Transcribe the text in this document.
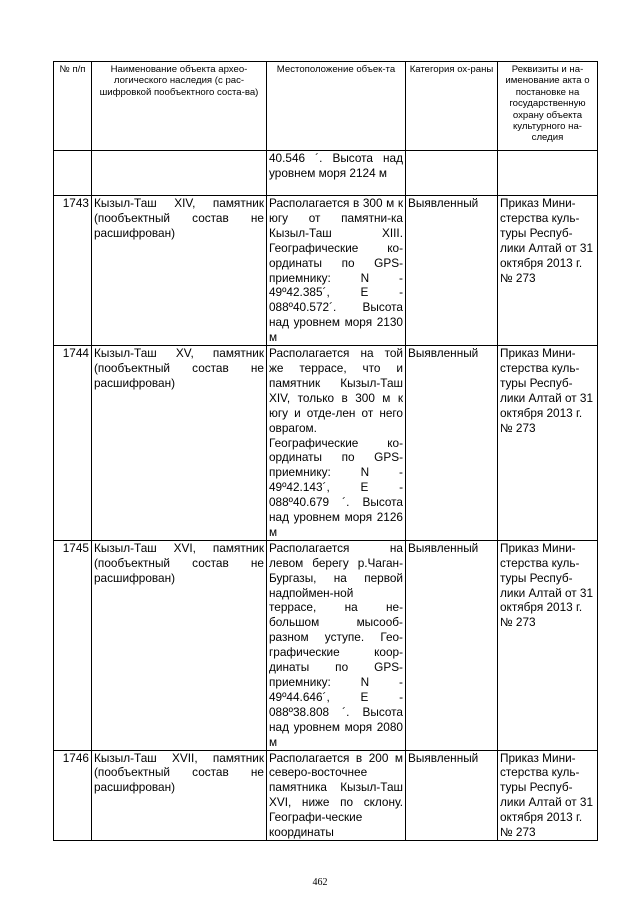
№ п/п	Наименование объекта архео-логического наследия (с рас-шифровкой пообъектного соста-ва)	Местоположение объек-та	Категория ох-раны	Реквизиты и на-именование акта о постановке на государственную охрану объекта культурного на-следия
		40.546 ´. Высота над уровнем моря 2124 м		
1743	Кызыл-Таш XIV, памятник (пообъектный состав не расшифрован)	Располагается в 300 м к югу от памятни-ка Кызыл-Таш XIII. Географические ко-ординаты по GPS-приемнику: N - 49º42.385´, E - 088º40.572´. Высота над уровнем моря 2130 м	Выявленный	Приказ Мини-стерства куль-туры Респуб-лики Алтай от 31 октября 2013 г. № 273
1744	Кызыл-Таш XV, памятник (пообъектный состав не расшифрован)	Располагается на той же террасе, что и памятник Кызыл-Таш XIV, только в 300 м к югу и отде-лен от него оврагом. Географические ко-ординаты по GPS-приемнику: N - 49º42.143´, E - 088º40.679 ´. Высота над уровнем моря 2126 м	Выявленный	Приказ Мини-стерства куль-туры Респуб-лики Алтай от 31 октября 2013 г. № 273
1745	Кызыл-Таш XVI, памятник (пообъектный состав не расшифрован)	Располагается на левом берегу р.Чаган-Бургазы, на первой надпоймен-ной террасе, на не-большом мысооб-разном уступе. Гео-графические коор-динаты по GPS-приемнику: N - 49º44.646´, E - 088º38.808 ´. Высота над уровнем моря 2080 м	Выявленный	Приказ Мини-стерства куль-туры Респуб-лики Алтай от 31 октября 2013 г. № 273
1746	Кызыл-Таш XVII, памятник (пообъектный состав не расшифрован)	Располагается в 200 м северо-восточнее памятника Кызыл-Таш XVI, ниже по склону. Географи-ческие координаты	Выявленный	Приказ Мини-стерства куль-туры Респуб-лики Алтай от 31 октября 2013 г. № 273
462
